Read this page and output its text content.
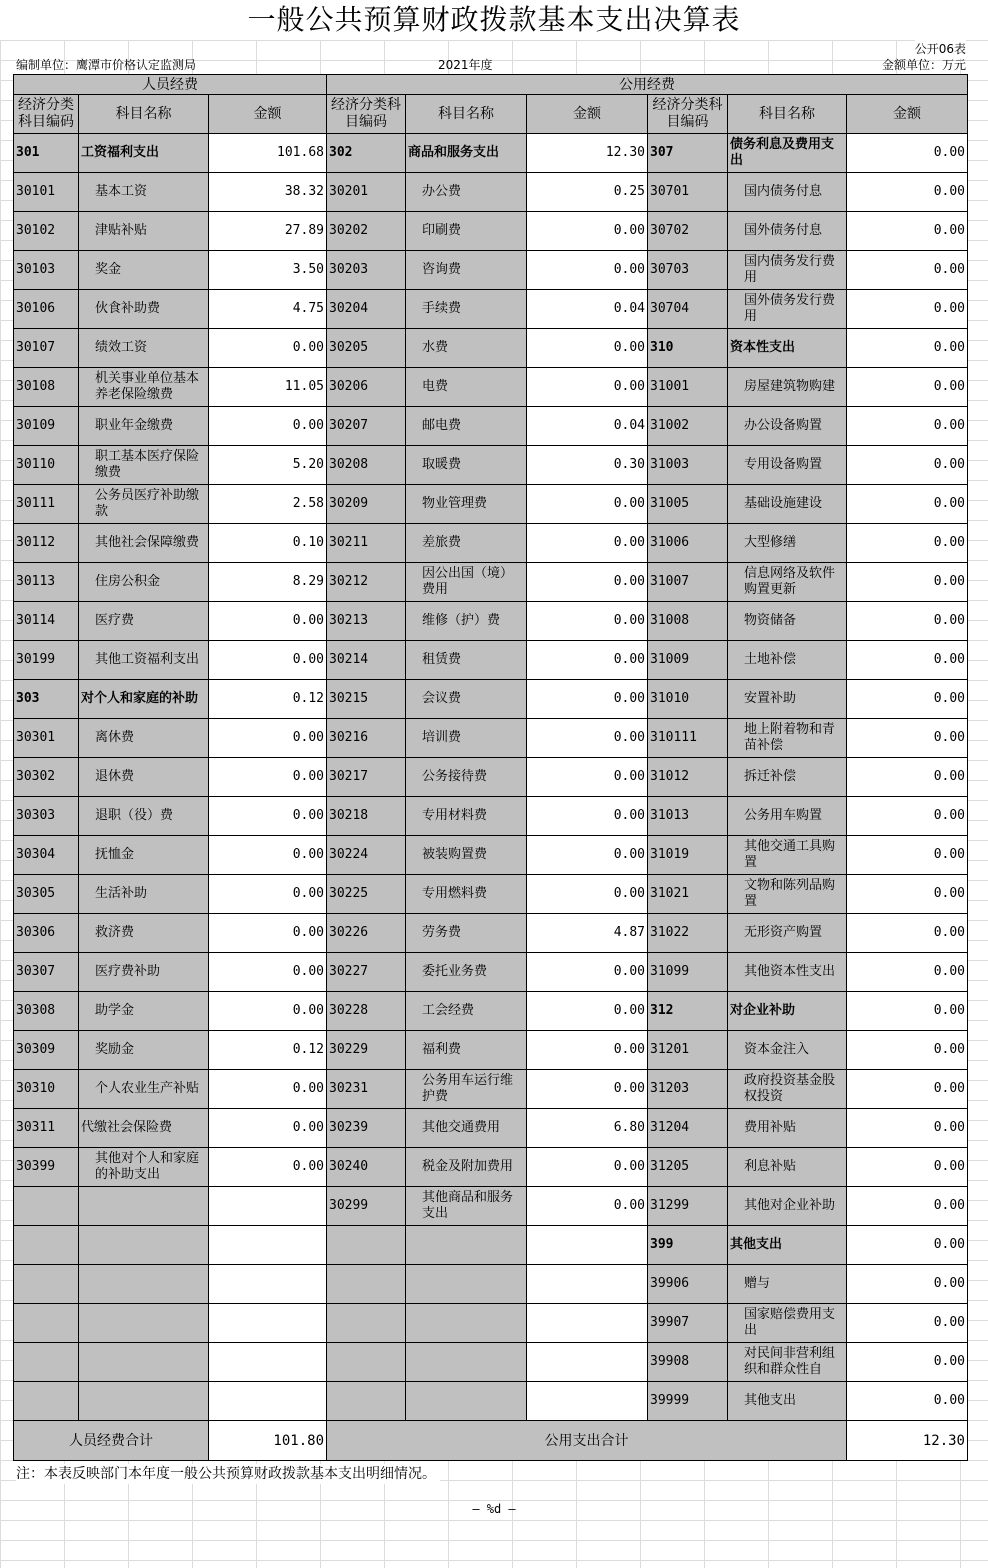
一般公共预算财政拨款基本支出决算表
公开06表
编制单位：鹰潭市价格认定监测局	2021年度	金额单位：万元
人员经费			公用经费					
经济分类科目编码	科目名称	金额	经济分类科目编码	科目名称	金额	经济分类科目编码	科目名称	金额
301	工资福利支出	101.68	302	商品和服务支出	12.30	307	债务利息及费用支出	0.00
30101	基本工资	38.32	30201	办公费	0.25	30701	国内债务付息	0.00
30102	津贴补贴	27.89	30202	印刷费	0.00	30702	国外债务付息	0.00
30103	奖金	3.50	30203	咨询费	0.00	30703	国内债务发行费用	0.00
30106	伙食补助费	4.75	30204	手续费	0.04	30704	国外债务发行费用	0.00
30107	绩效工资	0.00	30205	水费	0.00	310	资本性支出	0.00
30108	机关事业单位基本养老保险缴费	11.05	30206	电费	0.00	31001	房屋建筑物购建	0.00
30109	职业年金缴费	0.00	30207	邮电费	0.04	31002	办公设备购置	0.00
30110	职工基本医疗保险缴费	5.20	30208	取暖费	0.30	31003	专用设备购置	0.00
30111	公务员医疗补助缴款	2.58	30209	物业管理费	0.00	31005	基础设施建设	0.00
30112	其他社会保障缴费	0.10	30211	差旅费	0.00	31006	大型修缮	0.00
30113	住房公积金	8.29	30212	因公出国（境）费用	0.00	31007	信息网络及软件购置更新	0.00
30114	医疗费	0.00	30213	维修（护）费	0.00	31008	物资储备	0.00
30199	其他工资福利支出	0.00	30214	租赁费	0.00	31009	土地补偿	0.00
303	对个人和家庭的补助	0.12	30215	会议费	0.00	31010	安置补助	0.00
30301	离休费	0.00	30216	培训费	0.00	310111	地上附着物和青苗补偿	0.00
30302	退休费	0.00	30217	公务接待费	0.00	31012	拆迁补偿	0.00
30303	退职（役）费	0.00	30218	专用材料费	0.00	31013	公务用车购置	0.00
30304	抚恤金	0.00	30224	被装购置费	0.00	31019	其他交通工具购置	0.00
30305	生活补助	0.00	30225	专用燃料费	0.00	31021	文物和陈列品购置	0.00
30306	救济费	0.00	30226	劳务费	4.87	31022	无形资产购置	0.00
30307	医疗费补助	0.00	30227	委托业务费	0.00	31099	其他资本性支出	0.00
30308	助学金	0.00	30228	工会经费	0.00	312	对企业补助	0.00
30309	奖励金	0.12	30229	福利费	0.00	31201	资本金注入	0.00
30310	个人农业生产补贴	0.00	30231	公务用车运行维护费	0.00	31203	政府投资基金股权投资	0.00
30311	代缴社会保险费	0.00	30239	其他交通费用	6.80	31204	费用补贴	0.00
30399	其他对个人和家庭的补助支出	0.00	30240	税金及附加费用	0.00	31205	利息补贴	0.00
			30299	其他商品和服务支出	0.00	31299	其他对企业补助	0.00
						399	其他支出	0.00
						39906	赠与	0.00
						39907	国家赔偿费用支出	0.00
						39908	对民间非营利组织和群众性自	0.00
						39999	其他支出	0.00
人员经费合计		101.80	公用支出合计					12.30
注：本表反映部门本年度一般公共预算财政拨款基本支出明细情况。
— %d —
